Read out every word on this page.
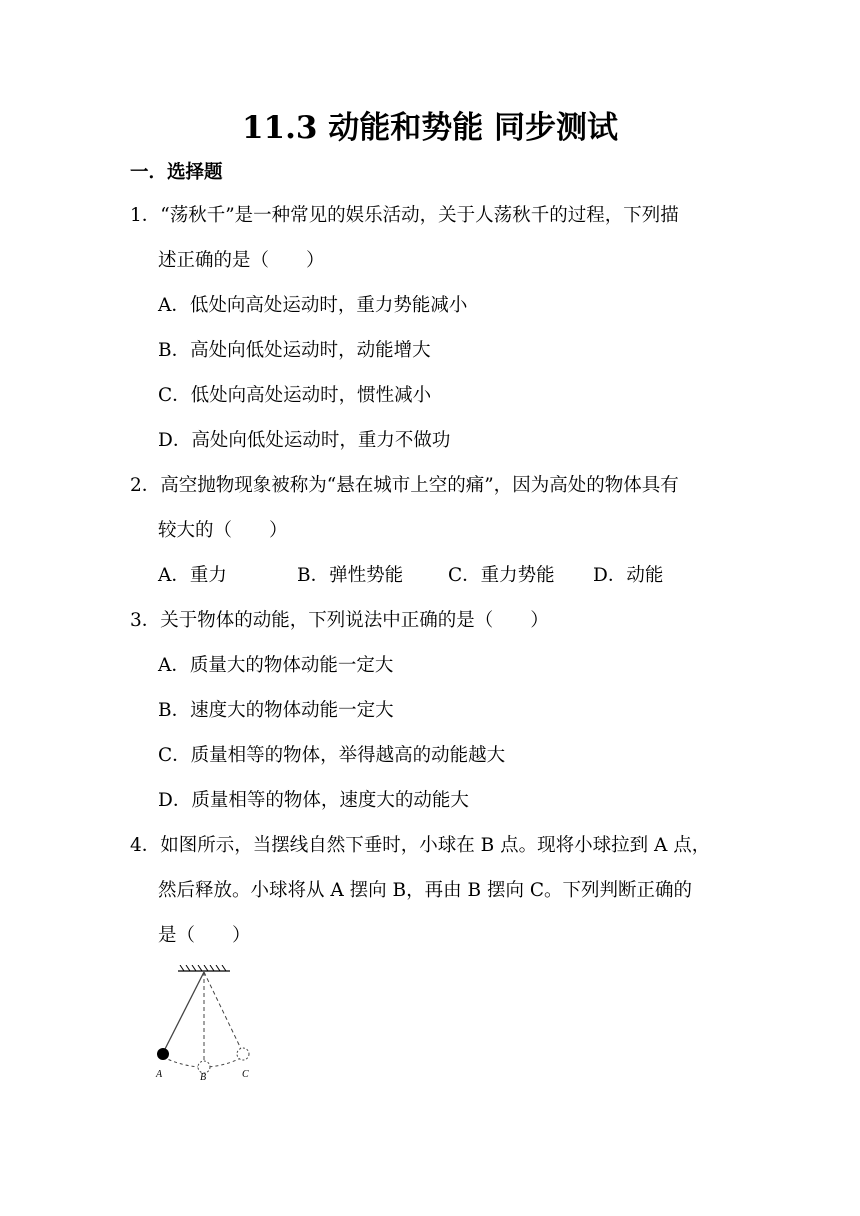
11.3 动能和势能 同步测试
一．选择题
1．“荡秋千”是一种常见的娱乐活动，关于人荡秋千的过程，下列描
述正确的是（　　）
A．低处向高处运动时，重力势能减小
B．高处向低处运动时，动能增大
C．低处向高处运动时，惯性减小
D．高处向低处运动时，重力不做功
2．高空抛物现象被称为“悬在城市上空的痛”，因为高处的物体具有
较大的（　　）
A．重力	B．弹性势能 C．重力势能 D．动能
3．关于物体的动能，下列说法中正确的是（　　）
A．质量大的物体动能一定大
B．速度大的物体动能一定大
C．质量相等的物体，举得越高的动能越大
D．质量相等的物体，速度大的动能大
4．如图所示，当摆线自然下垂时，小球在 B 点。现将小球拉到 A 点，
然后释放。小球将从 A 摆向 B，再由 B 摆向 C。下列判断正确的
是（　　）
A	B	C
